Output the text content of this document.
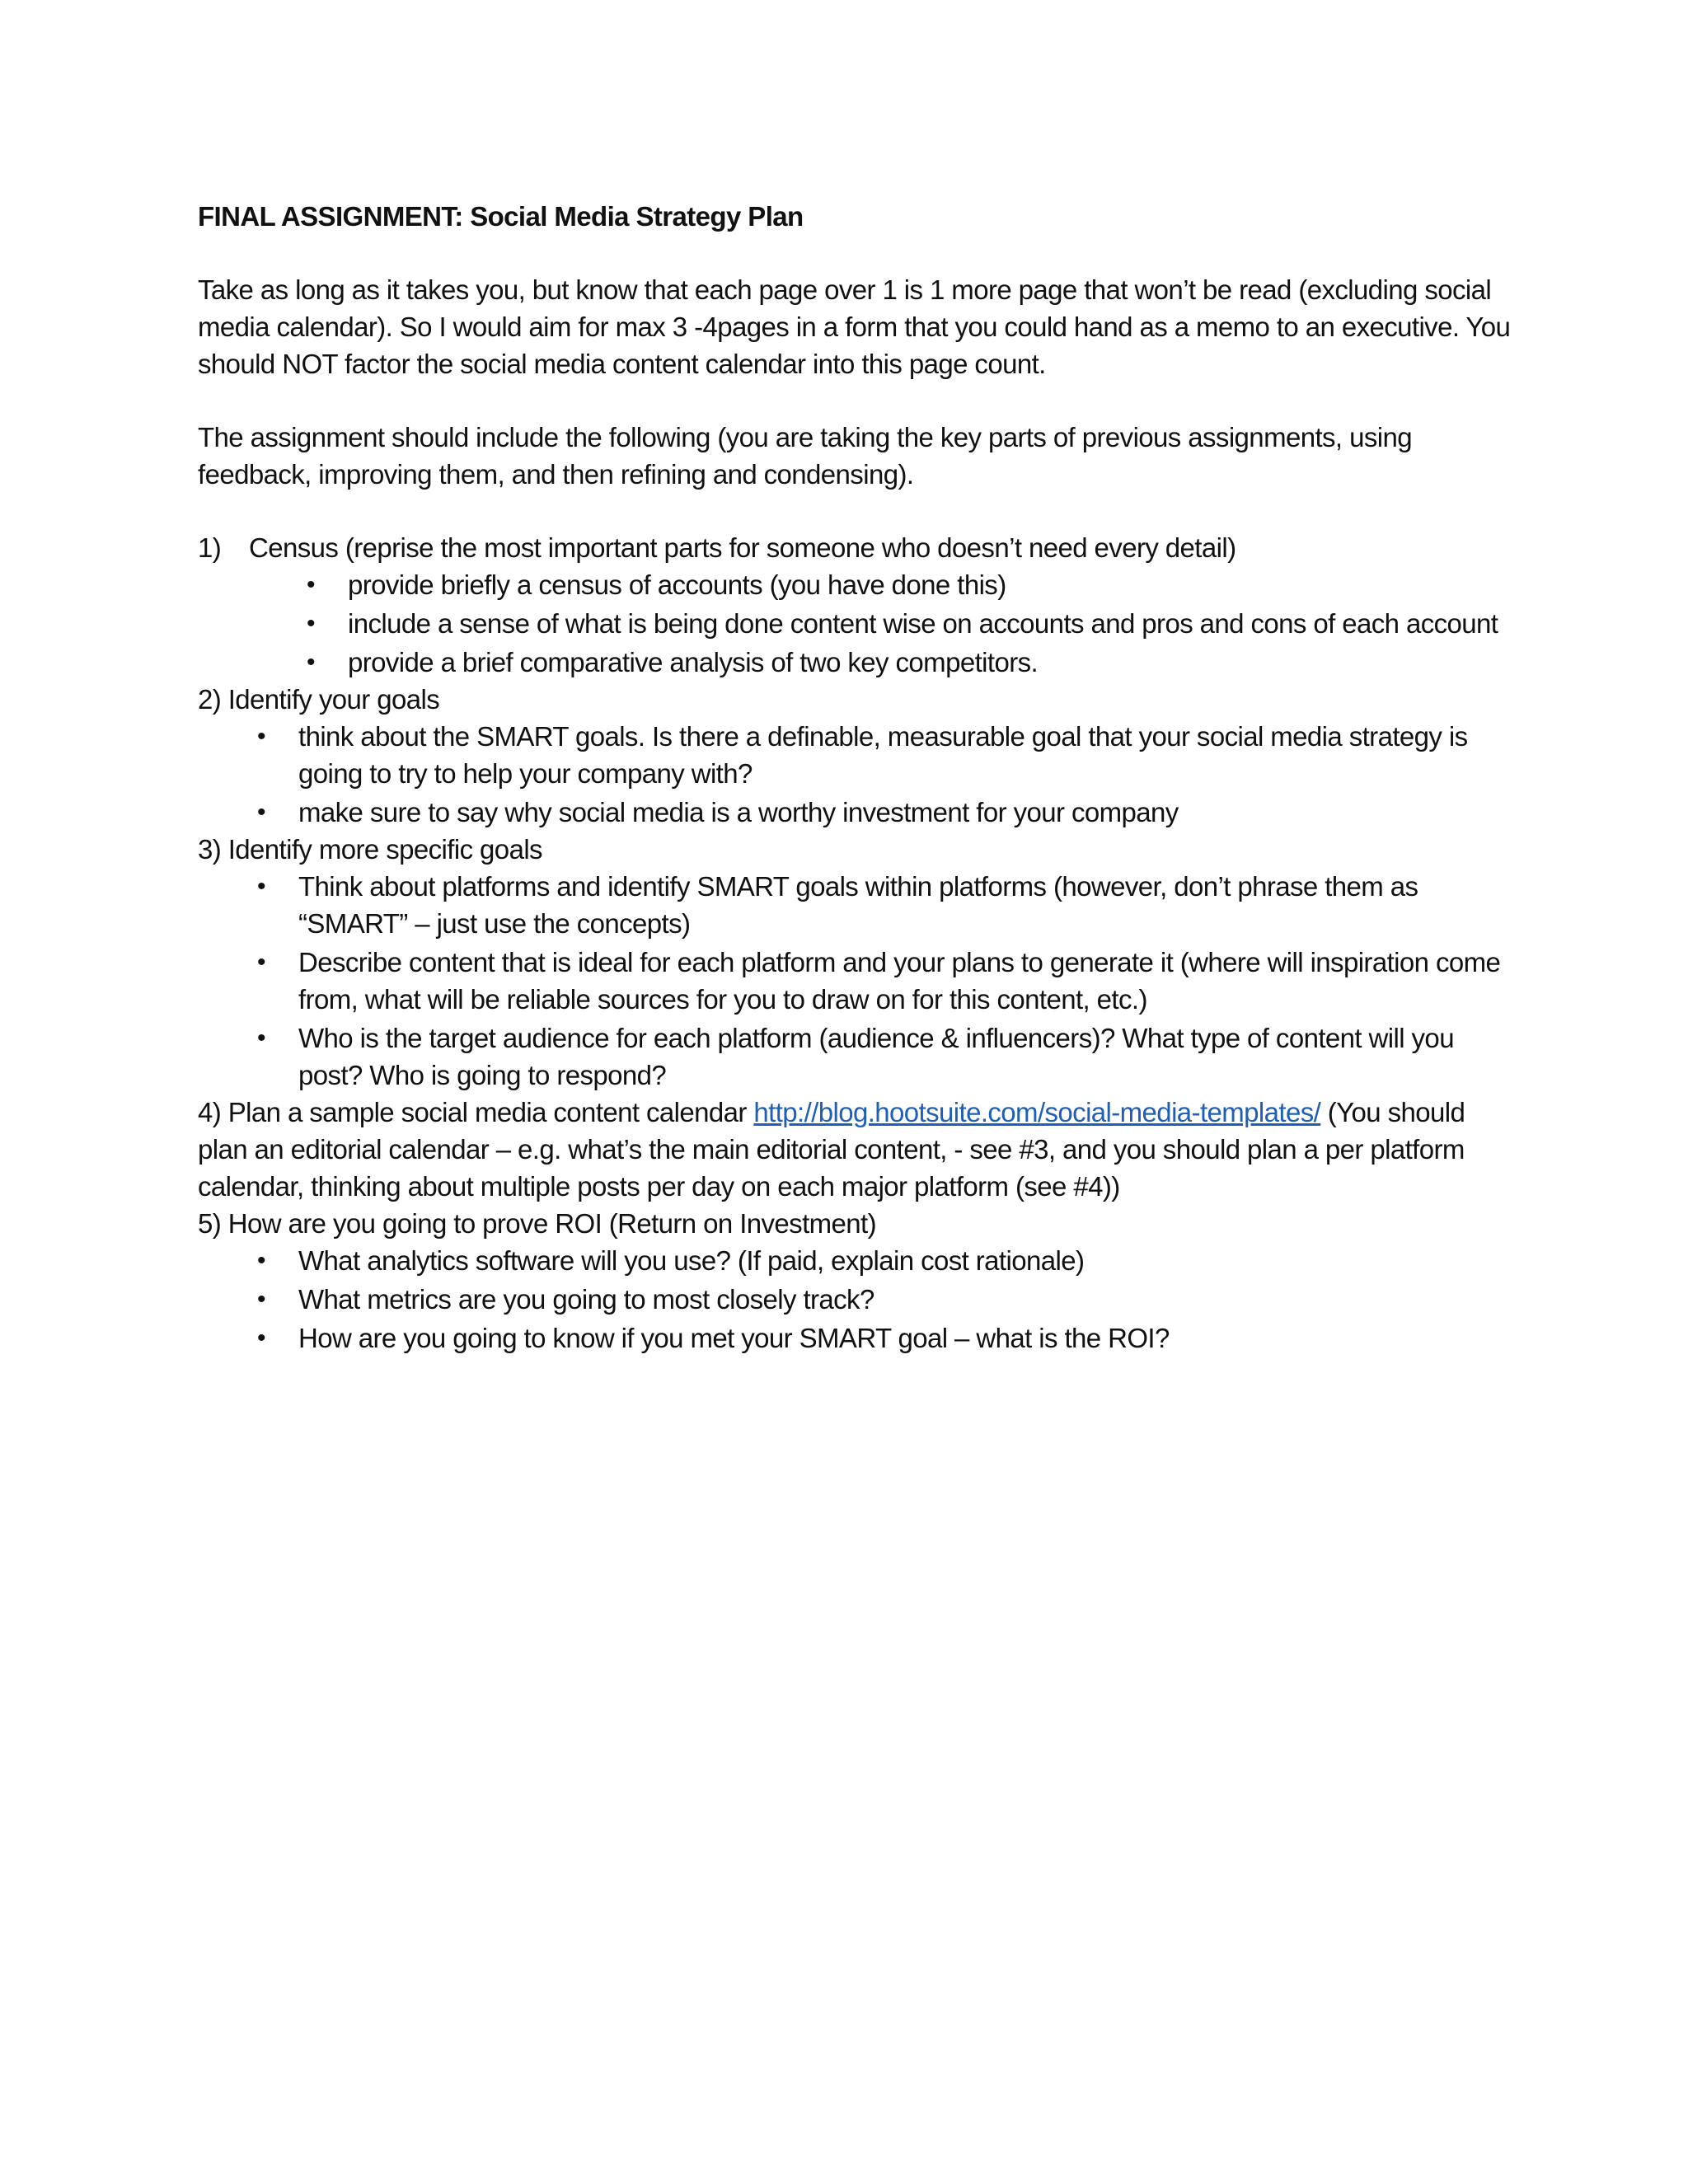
FINAL ASSIGNMENT: Social Media Strategy Plan

Take as long as it takes you, but know that each page over 1 is 1 more page that won’t be read (excluding social media calendar). So I would aim for max 3 -4pages in a form that you could hand as a memo to an executive. You should NOT factor the social media content calendar into this page count.

The assignment should include the following (you are taking the key parts of previous assignments, using feedback, improving them, and then refining and condensing).

1) Census (reprise the most important parts for someone who doesn’t need every detail)

•	provide briefly a census of accounts (you have done this)
•	include a sense of what is being done content wise on accounts and pros and cons of each account
•	provide a brief comparative analysis of two key competitors.

2) Identify your goals

•	think about the SMART goals. Is there a definable, measurable goal that your social media strategy is going to try to help your company with?
•	make sure to say why social media is a worthy investment for your company

3) Identify more specific goals

•	Think about platforms and identify SMART goals within platforms (however, don’t phrase them as “SMART” – just use the concepts)
•	Describe content that is ideal for each platform and your plans to generate it (where will inspiration come from, what will be reliable sources for you to draw on for this content, etc.)
•	Who is the target audience for each platform (audience & influencers)? What type of content will you post? Who is going to respond?

4) Plan a sample social media content calendar http://blog.hootsuite.com/social-media-templates/ (You should plan an editorial calendar – e.g. what’s the main editorial content, - see #3, and you should plan a per platform calendar, thinking about multiple posts per day on each major platform (see #4))

5) How are you going to prove ROI (Return on Investment)

•	What analytics software will you use? (If paid, explain cost rationale)
•	What metrics are you going to most closely track?
•	How are you going to know if you met your SMART goal – what is the ROI?
